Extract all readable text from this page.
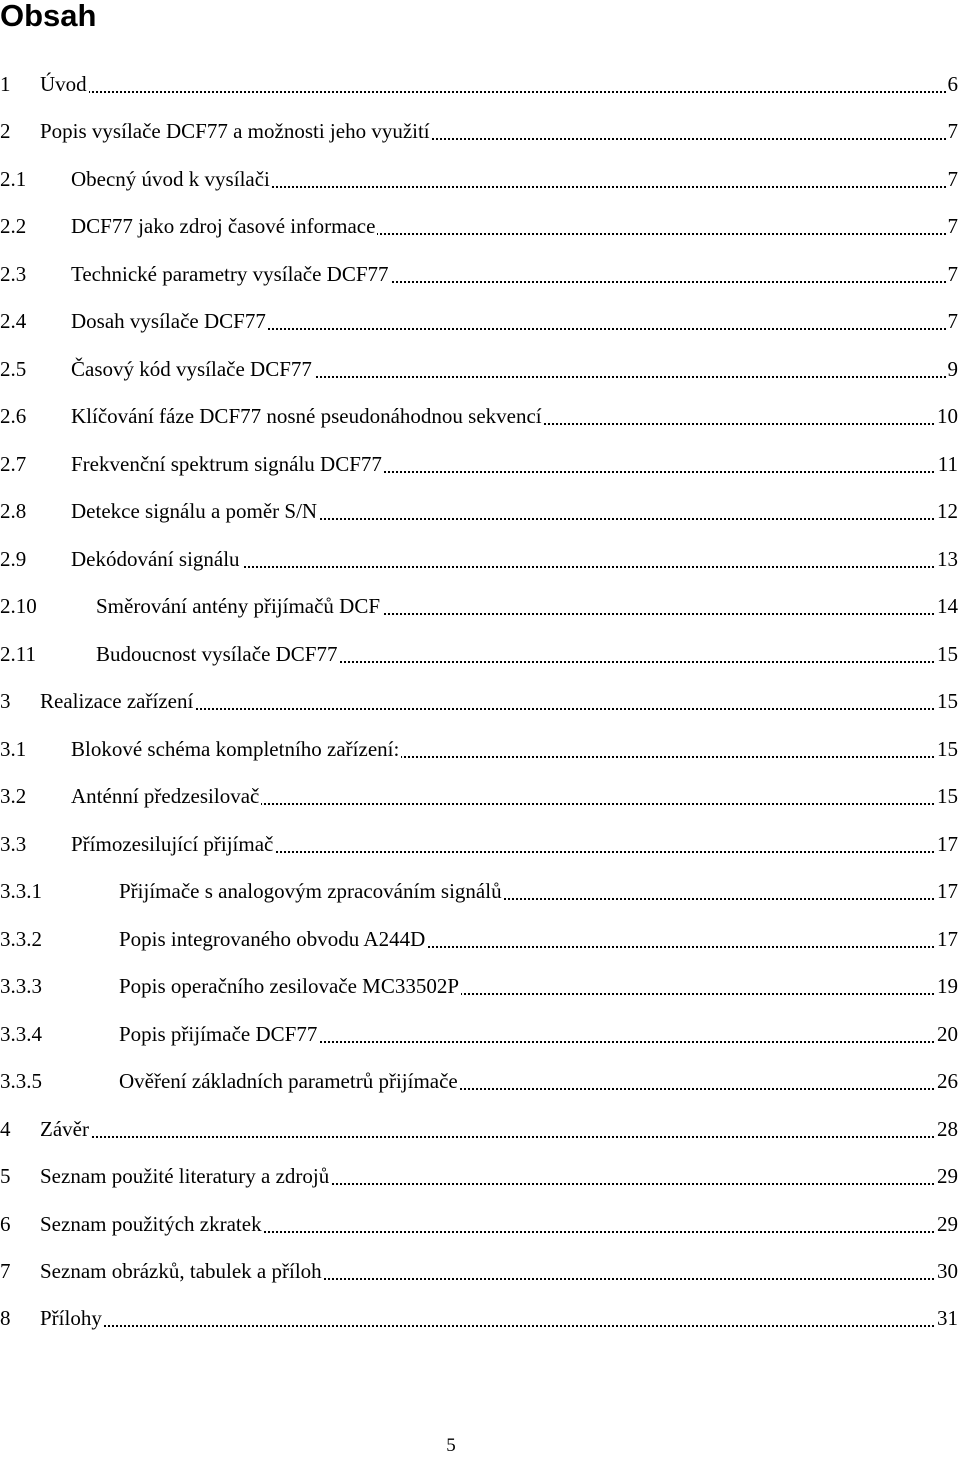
Obsah
1 Úvod	6
2 Popis vysílače DCF77 a možnosti jeho využití	7
2.1 Obecný úvod k vysílači	7
2.2 DCF77 jako zdroj časové informace	7
2.3 Technické parametry vysílače DCF77	7
2.4 Dosah vysílače DCF77	7
2.5 Časový kód vysílače DCF77	9
2.6 Klíčování fáze DCF77 nosné pseudonáhodnou sekvencí	10
2.7 Frekvenční spektrum signálu DCF77	11
2.8 Detekce signálu a poměr S/N	12
2.9 Dekódování signálu	13
2.10	Směrování antény přijímačů DCF	14
2.11	Budoucnost vysílače DCF77	15
3 Realizace zařízení	15
3.1 Blokové schéma kompletního zařízení:	15
3.2 Anténní předzesilovač	15
3.3 Přímozesilující přijímač	17
3.3.1	Přijímače s analogovým zpracováním signálů	17
3.3.2	Popis integrovaného obvodu A244D	17
3.3.3	Popis operačního zesilovače MC33502P	19
3.3.4	Popis přijímače DCF77	20
3.3.5	Ověření základních parametrů přijímače	26
4 Závěr	28
5 Seznam použité literatury a zdrojů	29
6 Seznam použitých zkratek	29
7 Seznam obrázků, tabulek a příloh	30
8 Přílohy	31
5
